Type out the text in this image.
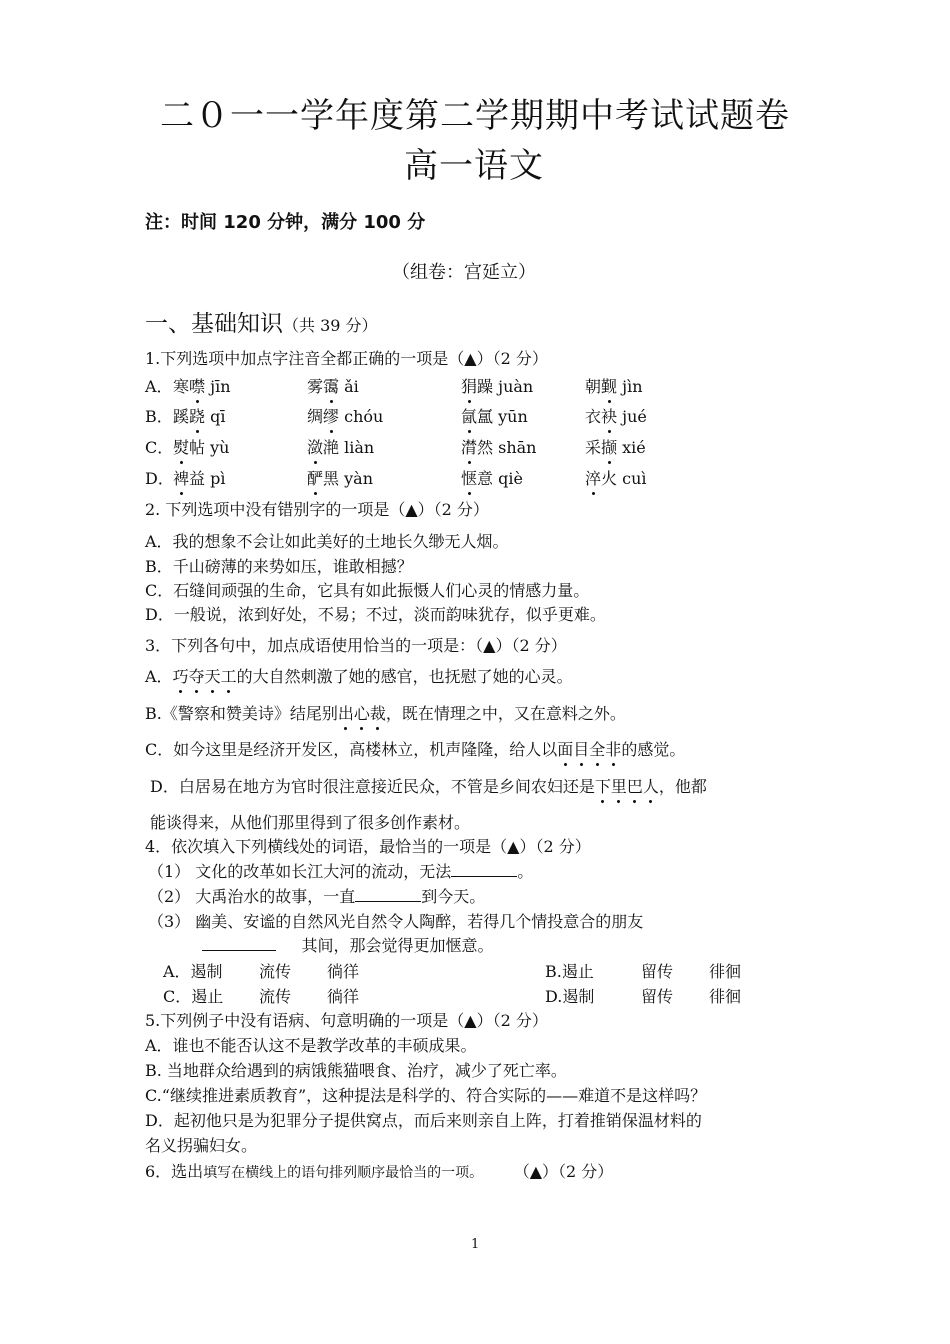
二０一一学年度第二学期期中考试试题卷
高一语文
注：时间 120 分钟，满分 100 分
（组卷：宫延立）
一、基础知识（共 39 分）
1.下列选项中加点字注音全都正确的一项是（▲）（2 分）
A． 寒噤 jīn	雾霭 ǎi	狷躁 juàn	朝觐 jìn
B． 蹊跷 qī	绸缪 chóu	氤氲 yūn	衣袂 jué
C． 熨帖 yù	潋滟 liàn	潸然 shān	采撷 xié
D． 裨益 pì	酽黑 yàn	惬意 qiè	淬火 cuì
2. 下列选项中没有错别字的一项是（▲）（2 分）
A．我的想象不会让如此美好的土地长久缈无人烟。
B．千山磅薄的来势如压，谁敢相撼？
C．石缝间顽强的生命，它具有如此振慑人们心灵的情感力量。
D．一般说，浓到好处，不易；不过，淡而韵味犹存，似乎更难。
3．下列各句中，加点成语使用恰当的一项是：（▲）（2 分）
A．巧夺天工的大自然刺激了她的感官，也抚慰了她的心灵。
B.《警察和赞美诗》结尾别出心裁，既在情理之中，又在意料之外。
C．如今这里是经济开发区，高楼林立，机声隆隆，给人以面目全非的感觉。
D．白居易在地方为官时很注意接近民众，不管是乡间农妇还是下里巴人，他都
能谈得来，从他们那里得到了很多创作素材。
4．依次填入下列横线处的词语，最恰当的一项是（▲）（2 分）
（1） 文化的改革如长江大河的流动，无法	。
（2） 大禹治水的故事，一直	到今天。
（3） 幽美、安谧的自然风光自然令人陶醉，若得几个情投意合的朋友
其间，那会觉得更加惬意。
A．遏制 流传 徜徉	B.遏止	留传 徘徊
C．遏止 流传 徜徉	D.遏制	留传 徘徊
5.下列例子中没有语病、句意明确的一项是（▲）（2 分）
A．谁也不能否认这不是教学改革的丰硕成果。
B. 当地群众给遇到的病饿熊猫喂食、治疗，减少了死亡率。
C.“继续推进素质教育”，这种提法是科学的、符合实际的——难道不是这样吗？
D．起初他只是为犯罪分子提供窝点，而后来则亲自上阵，打着推销保温材料的
名义拐骗妇女。
6．选出填写在横线上的语句排列顺序最恰当的一项。 （▲）（2 分）
1
